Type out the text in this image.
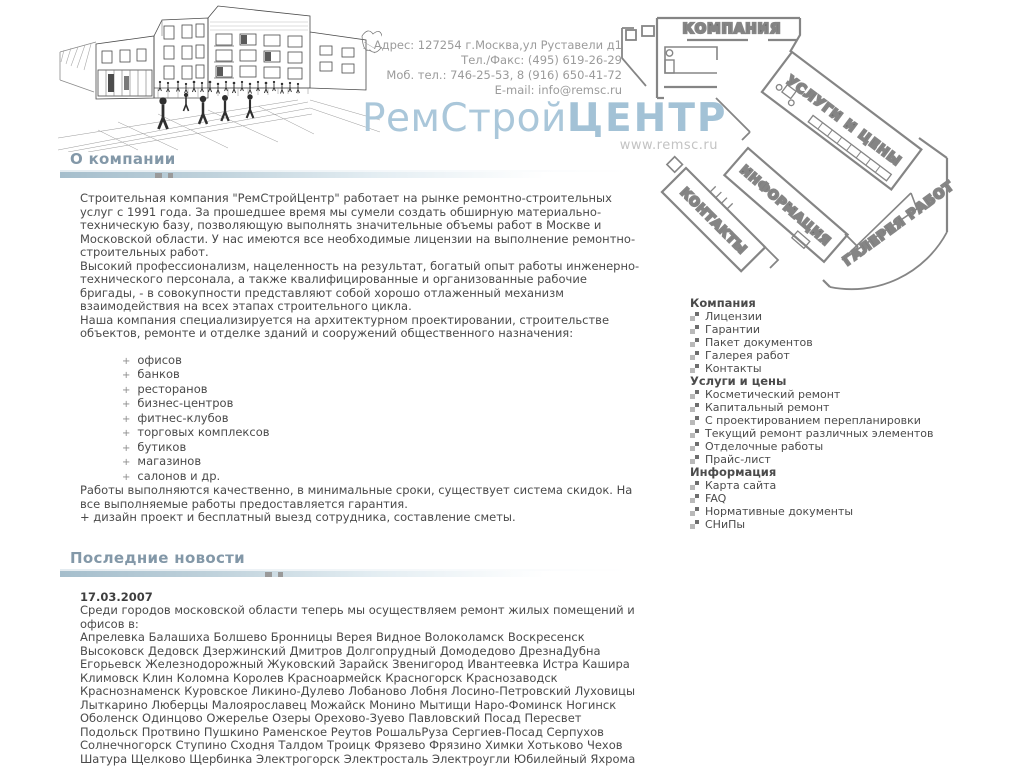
Адрес: 127254 г.Москва,ул Руставели д1
Тел./Факс: (495) 619-26-29
Моб. тел.: 746-25-53, 8 (916) 650-41-72
E-mail: info@remsc.ru
РемСтройЦЕНТР
www.remsc.ru
КОМПАНИЯ
УСЛУГИ И ЦЕНЫ
ИНФОРМАЦИЯ
КОНТАКТЫ	ГАЛЕРЕЯ РАБОТ
О компании

Строительная компания "РемСтройЦентр" работает на рынке ремонтно-строительных услуг с 1991 года. За прошедшее время мы сумели создать обширную материально-техническую базу, позволяющую выполнять значительные объемы работ в Москве и Московской области. У нас имеются все необходимые лицензии на выполнение ремонтно-строительных работ.

Высокий профессионализм, нацеленность на результат, богатый опыт работы инженерно-технического персонала, а также квалифицированные и организованные рабочие бригады, - в совокупности представляют собой хорошо отлаженный механизм взаимодействия на всех этапах строительного цикла.

Наша компания специализируется на архитектурном проектировании, строительстве объектов, ремонте и отделке зданий и сооружений общественного назначения:

+
офисов
+
банков
+
ресторанов
+
бизнес-центров
+
фитнес-клубов
+
торговых комплексов
+
бутиков
+
магазинов
+
салонов и др.

Работы выполняются качественно, в минимальные сроки, существует система скидок. На все выполняемые работы предоставляется гарантия.

+ дизайн проект и бесплатный выезд сотрудника, составление сметы.

Последние новости
17.03.2007

Среди городов московской области теперь мы осуществляем ремонт жилых помещений и офисов в:

Апрелевка Балашиха Болшево Бронницы Верея Видное Волоколамск Воскресенск Высоковск Дедовск Дзержинский Дмитров Долгопрудный Домодедово ДрезнаДубна Егорьевск Железнодорожный Жуковский Зарайск Звенигород Ивантеевка Истра Кашира Климовск Клин Коломна Королев Красноармейск Красногорск Краснозаводск Краснознаменск Куровское Ликино-Дулево Лобаново Лобня Лосино-Петровский Луховицы Лыткарино Люберцы Малоярославец Можайск Монино Мытищи Наро-Фоминск Ногинск Оболенск Одинцово Ожерелье Озеры Орехово-Зуево Павловский Посад Пересвет Подольск Протвино Пушкино Раменское Реутов РошальРуза Сергиев-Посад Серпухов Солнечногорск Ступино Сходня Талдом Троицк Фрязево Фрязино Химки Хотьково Чехов Шатура Щелково Щербинка Электрогорск Электросталь Электроугли Юбилейный Яхрома

Компания
Лицензии
Гарантии
Пакет документов
Галерея работ
Контакты
Услуги и цены
Косметический ремонт
Капитальный ремонт
С проектированием перепланировки
Текущий ремонт различных элементов
Отделочные работы
Прайс-лист
Информация
Карта сайта
FAQ
Нормативные документы
СНиПы
